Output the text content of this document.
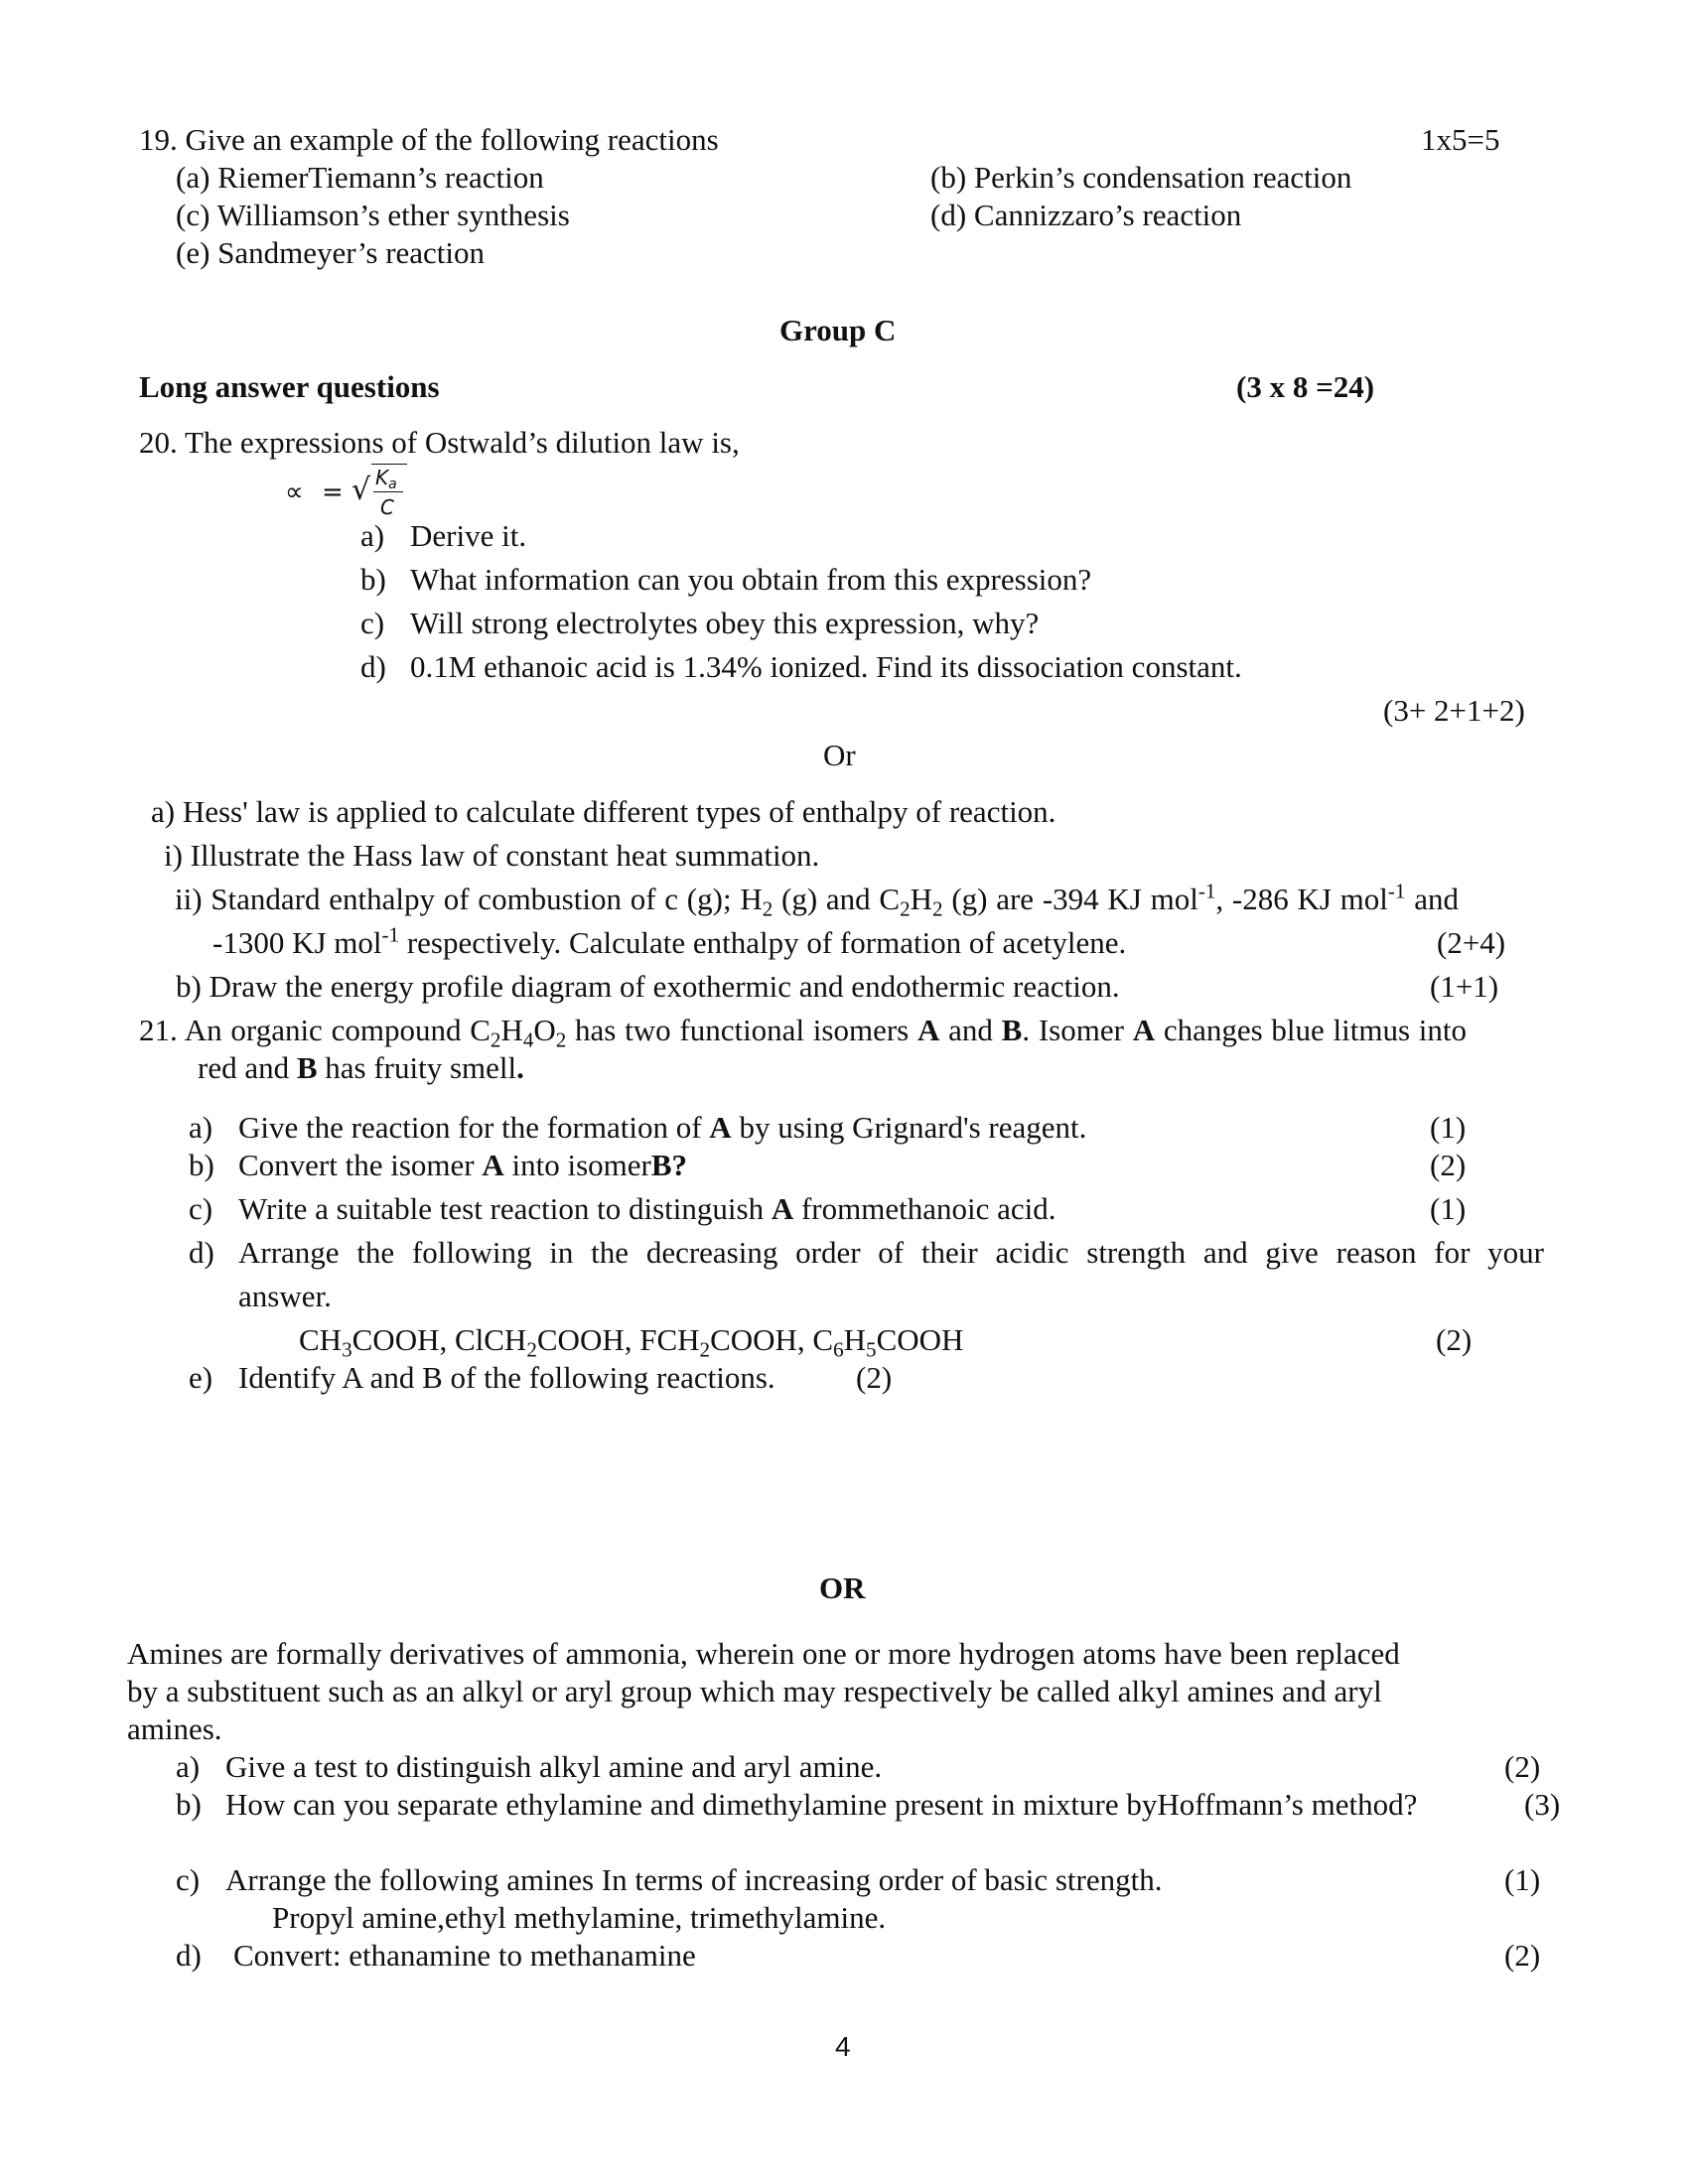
19. Give an example of the following reactions	1x5=5
(a) RiemerTiemann’s reaction	(b) Perkin’s condensation reaction
(c) Williamson’s ether synthesis	(d) Cannizzaro’s reaction
(e) Sandmeyer’s reaction
Group C
Long answer questions	(3 x 8 =24)
20. The expressions of Ostwald’s dilution law is,
∝ = √ $K_a$
C
a) Derive it.
b) What information can you obtain from this expression?
c) Will strong electrolytes obey this expression, why?
d) 0.1M ethanoic acid is 1.34% ionized. Find its dissociation constant.
(3+ 2+1+2)
Or
a) Hess' law is applied to calculate different types of enthalpy of reaction.
i) Illustrate the Hass law of constant heat summation.
ii) Standard enthalpy of combustion of c (g); $H_2$ (g) and $C_2H_2$ (g) are -394 KJ mol$^{-1}$, -286 KJ mol$^{-1}$ and
-1300 KJ mol$^{-1}$ respectively. Calculate enthalpy of formation of acetylene.	(2+4)
b) Draw the energy profile diagram of exothermic and endothermic reaction.	(1+1)
21. An organic compound $C_2H_4O_2$ has two functional isomers A and B. Isomer A changes blue litmus into
red and B has fruity smell.
a) Give the reaction for the formation of A by using Grignard's reagent.	(1)
b) Convert the isomer A into isomerB?	(2)
c) Write a suitable test reaction to distinguish A frommethanoic acid.	(1)
d) Arrange the following in the decreasing order of their acidic strength and give reason for your
answer.
$CH_3COOH$, ClCH$_2$COOH, $FCH_2COOH$, $C_6H_5COOH$	(2)
e) Identify A and B of the following reactions.	(2)
OR
Amines are formally derivatives of ammonia, wherein one or more hydrogen atoms have been replaced
by a substituent such as an alkyl or aryl group which may respectively be called alkyl amines and aryl
amines.
a) Give a test to distinguish alkyl amine and aryl amine.	(2)
b) How can you separate ethylamine and dimethylamine present in mixture byHoffmann’s method?	(3)
c) Arrange the following amines In terms of increasing order of basic strength.	(1)
Propyl amine,ethyl methylamine, trimethylamine.
d) Convert: ethanamine to methanamine	(2)
4
